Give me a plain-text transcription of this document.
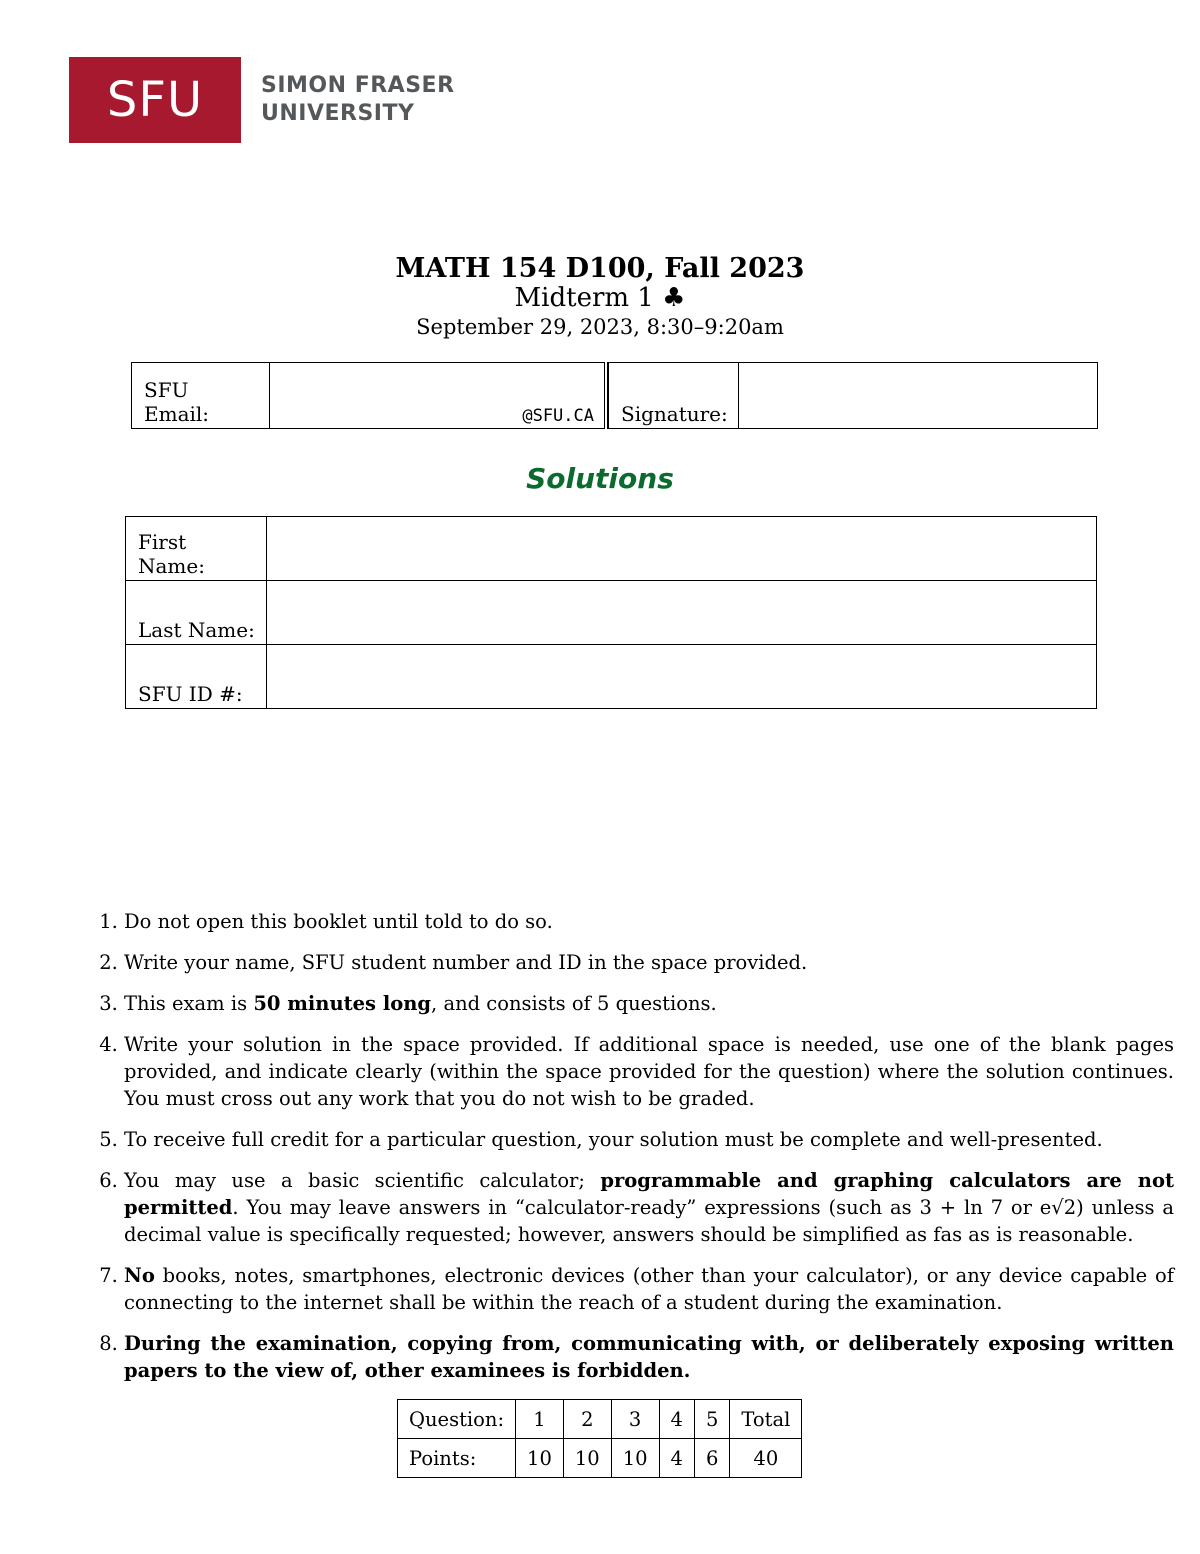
SFU	SIMON FRASER
UNIVERSITY
MATH 154 D100, Fall 2023
Midterm 1 ♣
September 29, 2023, 8:30–9:20am
SFU Email:	@SFU.CA		Signature:	
Solutions
First Name:	
Last Name:	
SFU ID #:	
1. Do not open this booklet until told to do so.
2. Write your name, SFU student number and ID in the space provided.
3. This exam is 50 minutes long, and consists of 5 questions.
4. Write your solution in the space provided. If additional space is needed, use one of the blank pages provided, and indicate clearly (within the space provided for the question) where the solution continues. You must cross out any work that you do not wish to be graded.
5. To receive full credit for a particular question, your solution must be complete and well-presented.
6. You may use a basic scientific calculator; programmable and graphing calculators are not permitted. You may leave answers in “calculator-ready” expressions (such as 3 + ln 7 or e√2) unless a decimal value is specifically requested; however, answers should be simplified as fas as is reasonable.
7. No books, notes, smartphones, electronic devices (other than your calculator), or any device capable of connecting to the internet shall be within the reach of a student during the examination.
8. During the examination, copying from, communicating with, or deliberately exposing written papers to the view of, other examinees is forbidden.
Question:	1	2	3	4	5	Total
Points:	10	10	10	4	6	40
